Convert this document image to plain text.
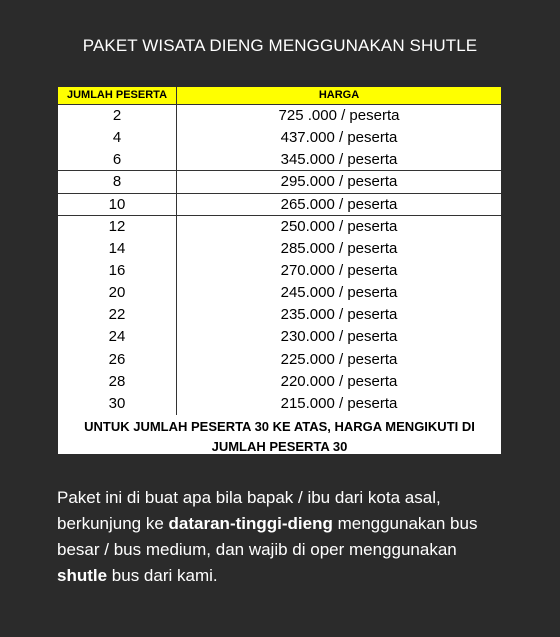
PAKET WISATA DIENG MENGGUNAKAN SHUTLE
JUMLAH PESERTA	HARGA
2	725 .000 / peserta
4	437.000 / peserta
6	345.000 / peserta
8	295.000 / peserta
10	265.000 / peserta
12	250.000 / peserta
14	285.000 / peserta
16	270.000 / peserta
20	245.000 / peserta
22	235.000 / peserta
24	230.000 / peserta
26	225.000 / peserta
28	220.000 / peserta
30	215.000 / peserta
UNTUK JUMLAH PESERTA 30 KE ATAS, HARGA MENGIKUTI DI JUMLAH PESERTA 30
Paket ini di buat apa bila bapak / ibu dari kota asal, berkunjung ke dataran-tinggi-dieng menggunakan bus besar / bus medium, dan wajib di oper menggunakan shutle bus dari kami.
